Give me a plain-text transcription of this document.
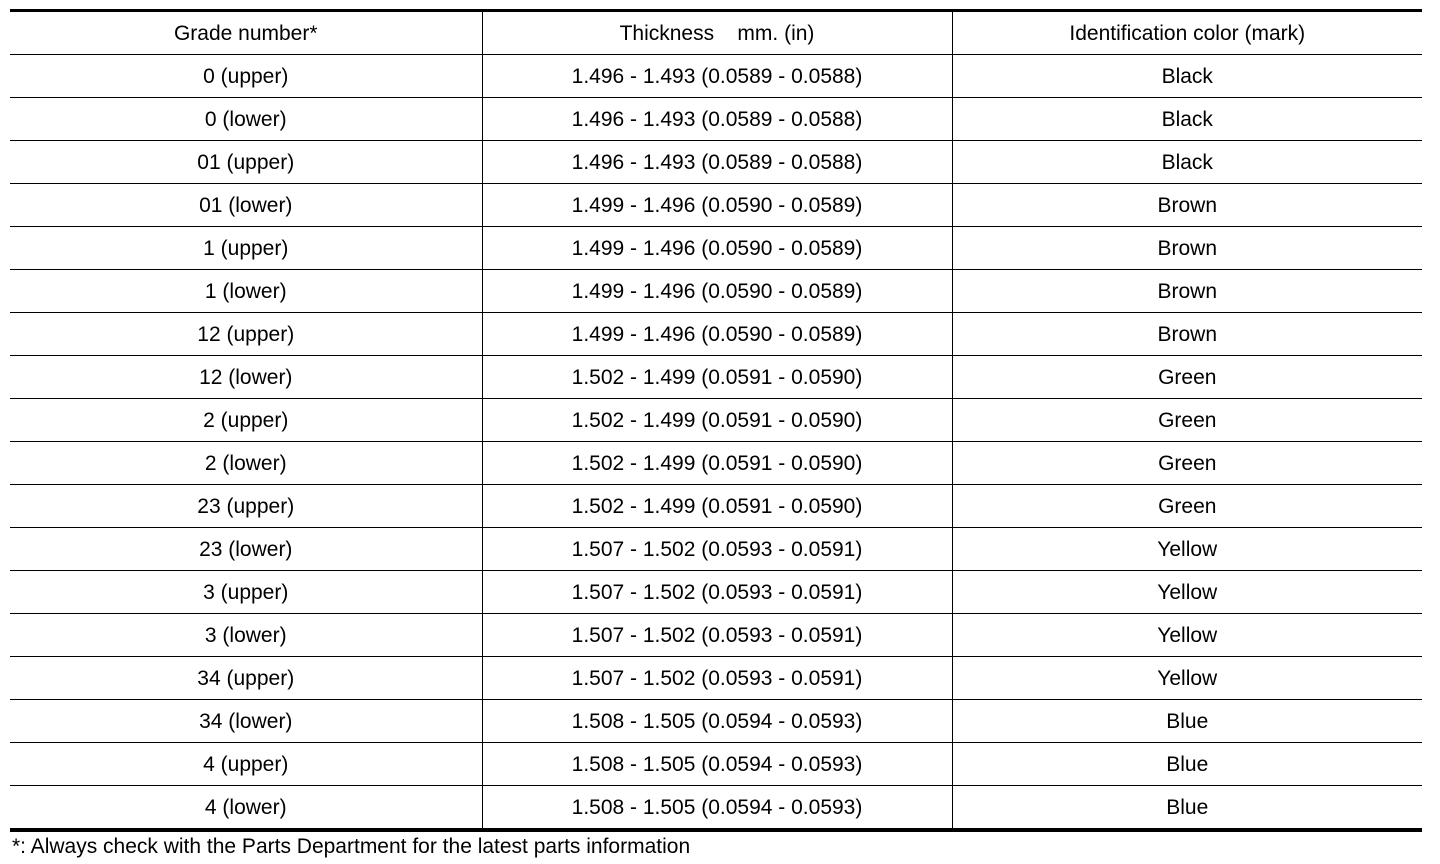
Grade number*	Thickness    mm. (in)	Identification color (mark)
0 (upper)	1.496 - 1.493 (0.0589 - 0.0588)	Black
0 (lower)	1.496 - 1.493 (0.0589 - 0.0588)	Black
01 (upper)	1.496 - 1.493 (0.0589 - 0.0588)	Black
01 (lower)	1.499 - 1.496 (0.0590 - 0.0589)	Brown
1 (upper)	1.499 - 1.496 (0.0590 - 0.0589)	Brown
1 (lower)	1.499 - 1.496 (0.0590 - 0.0589)	Brown
12 (upper)	1.499 - 1.496 (0.0590 - 0.0589)	Brown
12 (lower)	1.502 - 1.499 (0.0591 - 0.0590)	Green
2 (upper)	1.502 - 1.499 (0.0591 - 0.0590)	Green
2 (lower)	1.502 - 1.499 (0.0591 - 0.0590)	Green
23 (upper)	1.502 - 1.499 (0.0591 - 0.0590)	Green
23 (lower)	1.507 - 1.502 (0.0593 - 0.0591)	Yellow
3 (upper)	1.507 - 1.502 (0.0593 - 0.0591)	Yellow
3 (lower)	1.507 - 1.502 (0.0593 - 0.0591)	Yellow
34 (upper)	1.507 - 1.502 (0.0593 - 0.0591)	Yellow
34 (lower)	1.508 - 1.505 (0.0594 - 0.0593)	Blue
4 (upper)	1.508 - 1.505 (0.0594 - 0.0593)	Blue
4 (lower)	1.508 - 1.505 (0.0594 - 0.0593)	Blue
*: Always check with the Parts Department for the latest parts information
